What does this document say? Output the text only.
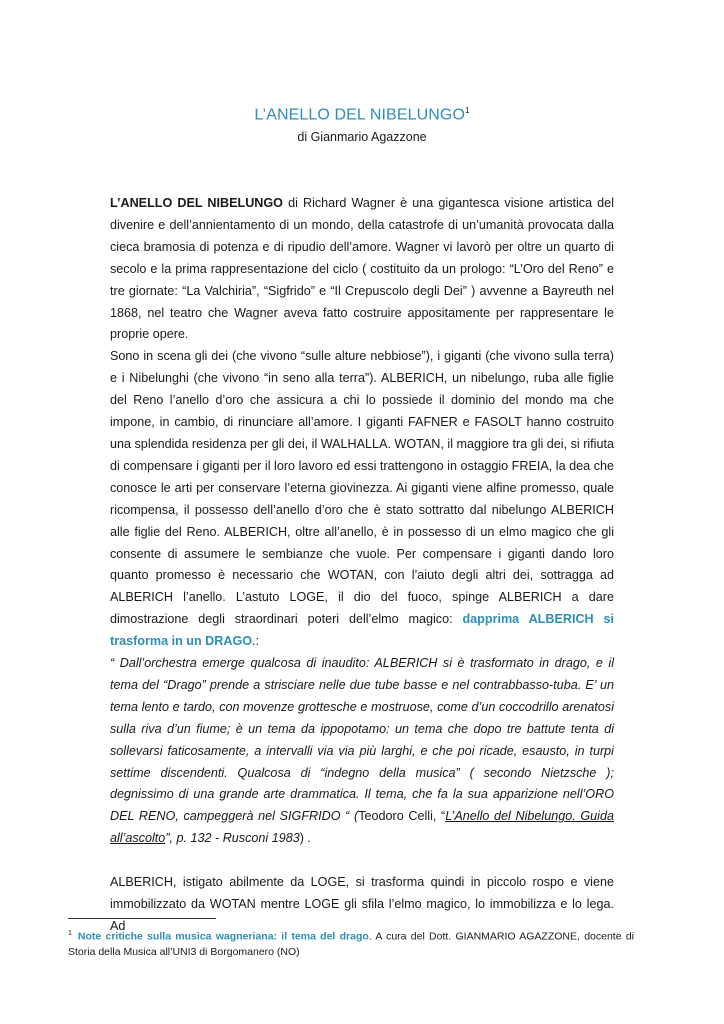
L’ANELLO DEL NIBELUNGO$^1$
di Gianmario Agazzone

L’ANELLO DEL NIBELUNGO di Richard Wagner è una gigantesca visione artistica del divenire e dell’annientamento di un mondo, della catastrofe di un’umanità provocata dalla cieca bramosia di potenza e di ripudio dell’amore. Wagner vi lavorò per oltre un quarto di secolo e la prima rappresentazione del ciclo ( costituito da un prologo: “L’Oro del Reno” e tre giornate: “La Valchiria”, “Sigfrido” e “Il Crepuscolo degli Dei” ) avvenne a Bayreuth nel 1868, nel teatro che Wagner aveva fatto costruire appositamente per rappresentare le proprie opere.

Sono in scena gli dei (che vivono “sulle alture nebbiose”), i giganti (che vivono sulla terra) e i Nibelunghi (che vivono “in seno alla terra”). ALBERICH, un nibelungo, ruba alle figlie del Reno l’anello d’oro che assicura a chi lo possiede il dominio del mondo ma che impone, in cambio, di rinunciare all’amore. I giganti FAFNER e FASOLT hanno costruito una splendida residenza per gli dei, il WALHALLA. WOTAN, il maggiore tra gli dei, si rifiuta di compensare i giganti per il loro lavoro ed essi trattengono in ostaggio FREIA, la dea che conosce le arti per conservare l’eterna giovinezza. Ai giganti viene alfine promesso, quale ricompensa, il possesso dell’anello d’oro che è stato sottratto dal nibelungo ALBERICH alle figlie del Reno. ALBERICH, oltre all’anello, è in possesso di un elmo magico che gli consente di assumere le sembianze che vuole. Per compensare i giganti dando loro quanto promesso è necessario che WOTAN, con l’aiuto degli altri dei, sottragga ad ALBERICH l’anello. L’astuto LOGE, il dio del fuoco, spinge ALBERICH a dare dimostrazione degli straordinari poteri dell’elmo magico: dapprima ALBERICH si trasforma in un DRAGO.:

“ Dall’orchestra emerge qualcosa di inaudito: ALBERICH si è trasformato in drago, e il tema del “Drago” prende a strisciare nelle due tube basse e nel contrabbasso-tuba. E’ un tema lento e tardo, con movenze grottesche e mostruose, come d’un coccodrillo arenatosi sulla riva d’un fiume; è un tema da ippopotamo: un tema che dopo tre battute tenta di sollevarsi faticosamente, a intervalli via via più larghi, e che poi ricade, esausto, in turpi settime discendenti. Qualcosa di “indegno della musica” ( secondo Nietzsche ); degnissimo di una grande arte drammatica. Il tema, che fa la sua apparizione nell’ORO DEL RENO, campeggerà nel SIGFRIDO “ (Teodoro Celli, “L’Anello del Nibelungo. Guida all’ascolto”, p. 132 - Rusconi 1983) .
ALBERICH, istigato abilmente da LOGE, si trasforma quindi in piccolo rospo e viene immobilizzato da WOTAN mentre LOGE gli sfila l’elmo magico, lo immobilizza e lo lega. Ad
$^1$ Note critiche sulla musica wagneriana: il tema del drago. A cura del Dott. GIANMARIO AGAZZONE, docente di Storia della Musica all’UNI3 di Borgomanero (NO)
